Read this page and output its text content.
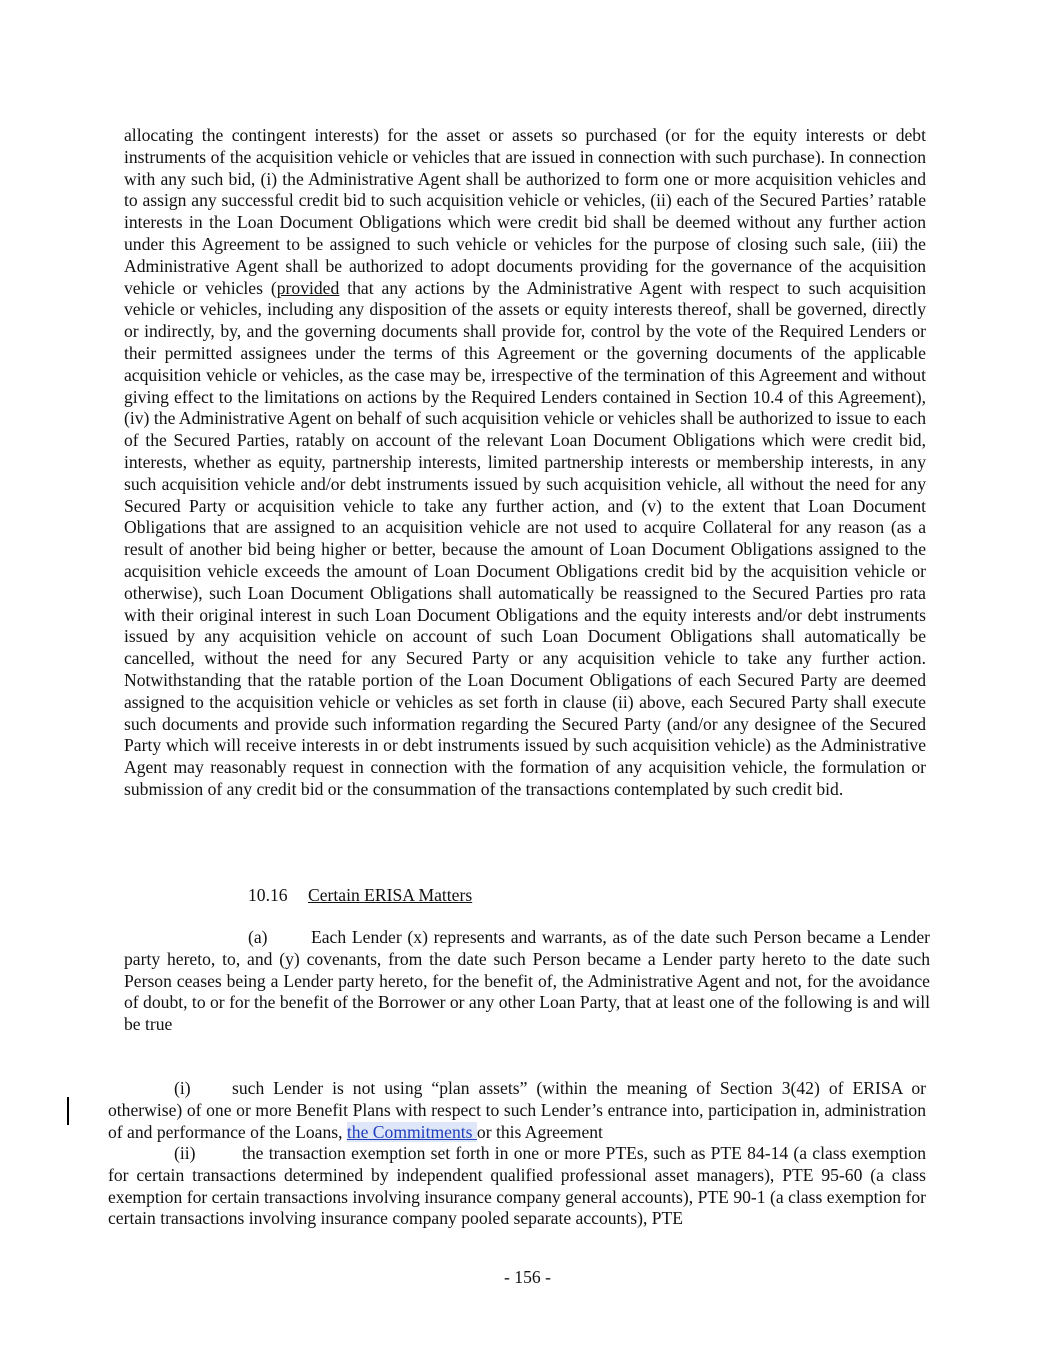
allocating the contingent interests) for the asset or assets so purchased (or for the equity interests or debt instruments of the acquisition vehicle or vehicles that are issued in connection with such purchase). In connection with any such bid, (i) the Administrative Agent shall be authorized to form one or more acquisition vehicles and to assign any successful credit bid to such acquisition vehicle or vehicles, (ii) each of the Secured Parties’ ratable interests in the Loan Document Obligations which were credit bid shall be deemed without any further action under this Agreement to be assigned to such vehicle or vehicles for the purpose of closing such sale, (iii) the Administrative Agent shall be authorized to adopt documents providing for the governance of the acquisition vehicle or vehicles (provided that any actions by the Administrative Agent with respect to such acquisition vehicle or vehicles, including any disposition of the assets or equity interests thereof, shall be governed, directly or indirectly, by, and the governing documents shall provide for, control by the vote of the Required Lenders or their permitted assignees under the terms of this Agreement or the governing documents of the applicable acquisition vehicle or vehicles, as the case may be, irrespective of the termination of this Agreement and without giving effect to the limitations on actions by the Required Lenders contained in Section 10.4 of this Agreement), (iv) the Administrative Agent on behalf of such acquisition vehicle or vehicles shall be authorized to issue to each of the Secured Parties, ratably on account of the relevant Loan Document Obligations which were credit bid, interests, whether as equity, partnership interests, limited partnership interests or membership interests, in any such acquisition vehicle and/or debt instruments issued by such acquisition vehicle, all without the need for any Secured Party or acquisition vehicle to take any further action, and (v) to the extent that Loan Document Obligations that are assigned to an acquisition vehicle are not used to acquire Collateral for any reason (as a result of another bid being higher or better, because the amount of Loan Document Obligations assigned to the acquisition vehicle exceeds the amount of Loan Document Obligations credit bid by the acquisition vehicle or otherwise), such Loan Document Obligations shall automatically be reassigned to the Secured Parties pro rata with their original interest in such Loan Document Obligations and the equity interests and/or debt instruments issued by any acquisition vehicle on account of such Loan Document Obligations shall automatically be cancelled, without the need for any Secured Party or any acquisition vehicle to take any further action. Notwithstanding that the ratable portion of the Loan Document Obligations of each Secured Party are deemed assigned to the acquisition vehicle or vehicles as set forth in clause (ii) above, each Secured Party shall execute such documents and provide such information regarding the Secured Party (and/or any designee of the Secured Party which will receive interests in or debt instruments issued by such acquisition vehicle) as the Administrative Agent may reasonably request in connection with the formation of any acquisition vehicle, the formulation or submission of any credit bid or the consummation of the transactions contemplated by such credit bid.

10.16 Certain ERISA Matters

(a) Each Lender (x) represents and warrants, as of the date such Person became a Lender party hereto, to, and (y) covenants, from the date such Person became a Lender party hereto to the date such Person ceases being a Lender party hereto, for the benefit of, the Administrative Agent and not, for the avoidance of doubt, to or for the benefit of the Borrower or any other Loan Party, that at least one of the following is and will be true

(i) such Lender is not using “plan assets” (within the meaning of Section 3(42) of ERISA or otherwise) of one or more Benefit Plans with respect to such Lender’s entrance into, participation in, administration of and performance of the Loans, the Commitments or this Agreement

(ii)	the transaction exemption set forth in one or more PTEs, such as PTE 84-14 (a class exemption for certain transactions determined by independent qualified professional asset managers), PTE 95-60 (a class exemption for certain transactions involving insurance company general accounts), PTE 90-1 (a class exemption for certain transactions involving insurance company pooled separate accounts), PTE

- 156 -
